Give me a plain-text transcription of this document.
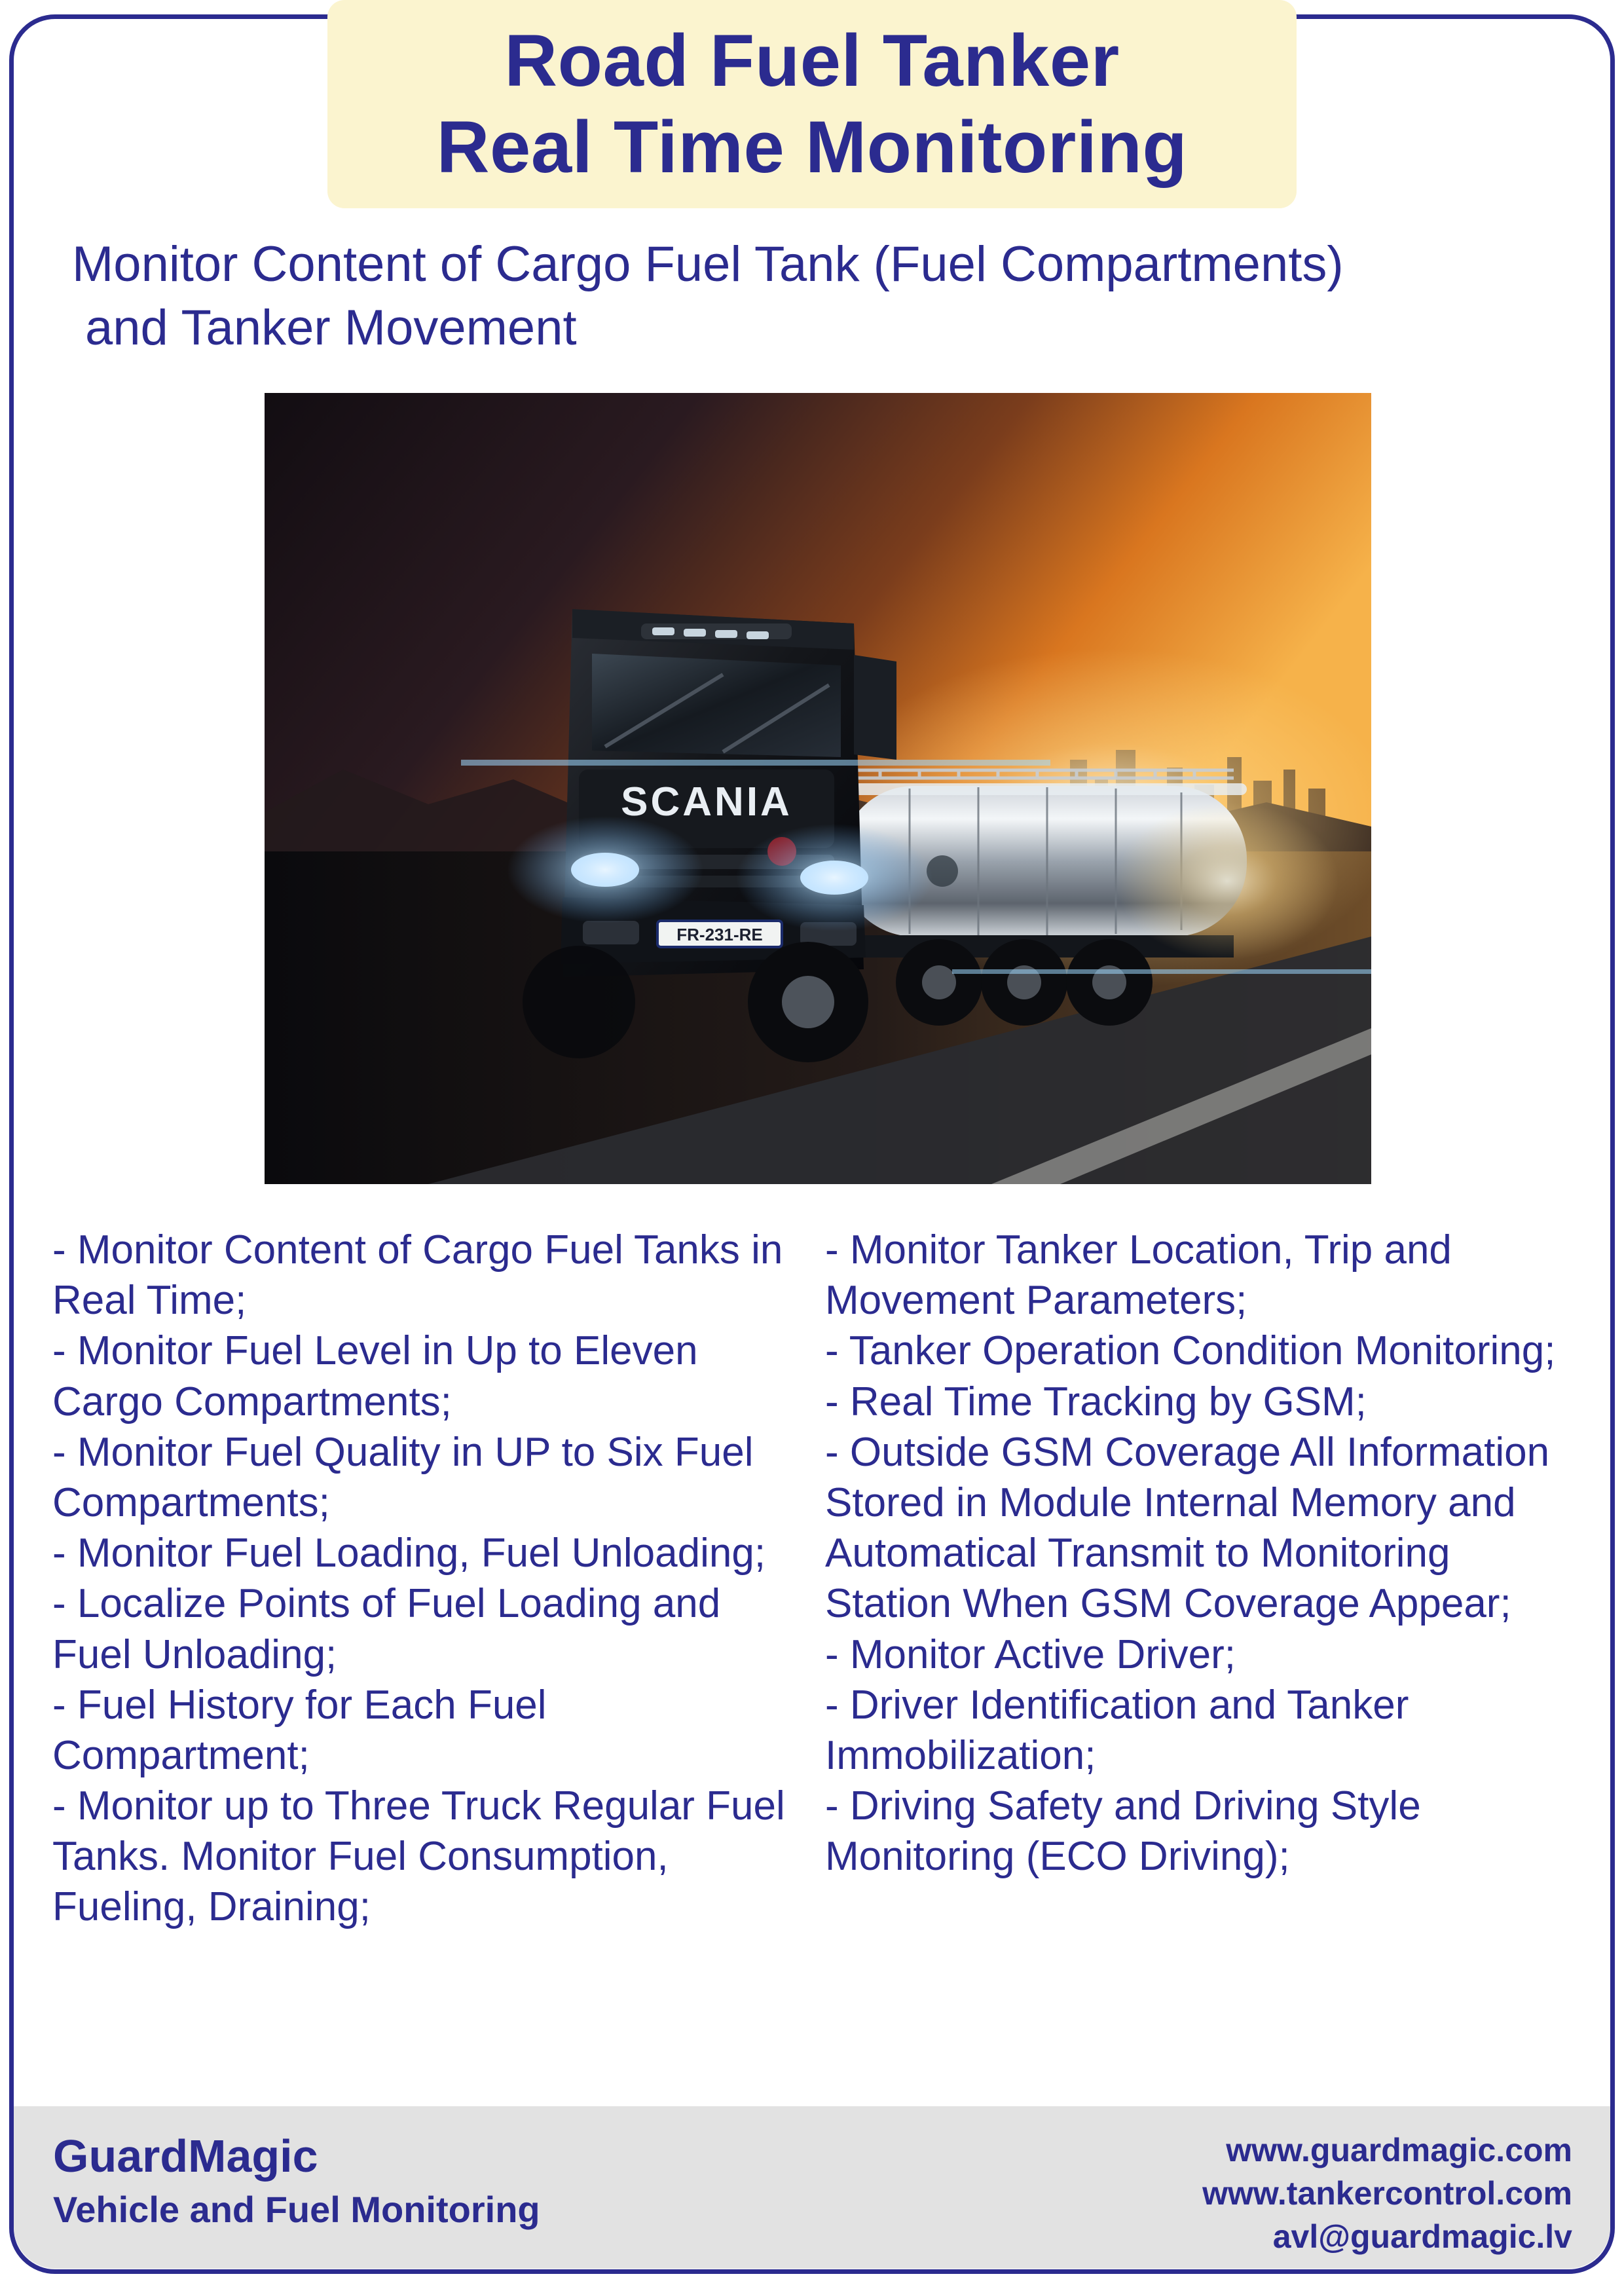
Road Fuel Tanker
Real Time Monitoring
Monitor Content of Cargo Fuel Tank (Fuel Compartments)
and Tanker Movement
SCANIA
FR-231-RE
- Monitor Content of Cargo Fuel Tanks in Real Time;
- Monitor Fuel Level in Up to Eleven Cargo Compartments;
- Monitor Fuel Quality in UP to Six Fuel Compartments;
- Monitor Fuel Loading, Fuel Unloading;
- Localize Points of Fuel Loading and Fuel Unloading;
- Fuel History for Each Fuel Compartment;
- Monitor up to Three Truck Regular Fuel Tanks. Monitor Fuel Consumption, Fueling, Draining;
- Monitor Tanker Location, Trip and Movement Parameters;
- Tanker Operation Condition Monitoring;
- Real Time Tracking by GSM;
- Outside GSM Coverage All Information Stored in Module Internal Memory and Automatical Transmit to Monitoring Station When GSM Coverage Appear;
- Monitor Active Driver;
- Driver Identification and Tanker Immobilization;
- Driving Safety and Driving Style Monitoring (ECO Driving);
GuardMagic
Vehicle and Fuel Monitoring
www.guardmagic.com
www.tankercontrol.com
avl@guardmagic.lv
